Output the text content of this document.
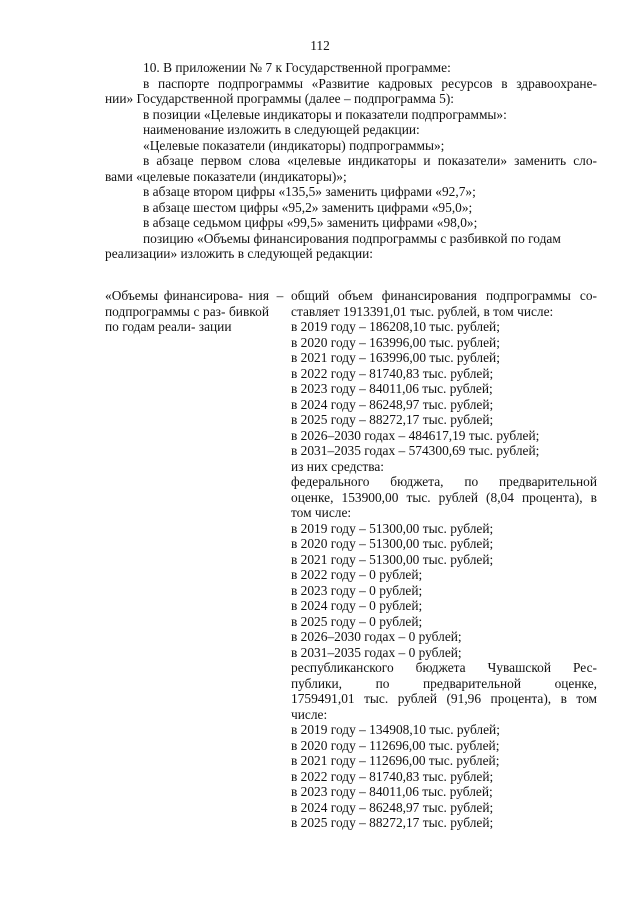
112

10. В приложении № 7 к Государственной программе:

в паспорте подпрограммы «Развитие кадровых ресурсов в здравоохране-

нии» Государственной программы (далее – подпрограмма 5):

в позиции «Целевые индикаторы и показатели подпрограммы»:

наименование изложить в следующей редакции:

«Целевые показатели (индикаторы) подпрограммы»;

в абзаце первом слова «целевые индикаторы и показатели» заменить сло-

вами «целевые показатели (индикаторы)»;

в абзаце втором цифры «135,5» заменить цифрами «92,7»;

в абзаце шестом цифры «95,2» заменить цифрами «95,0»;

в абзаце седьмом цифры «99,5» заменить цифрами «98,0»;

позицию «Объемы финансирования подпрограммы с разбивкой по годам

реализации» изложить в следующей редакции:

«Объемы финансирова- ния подпрограммы с раз- бивкой по годам реали- зации
– общий объем финансирования подпрограммы со-
ставляет 1913391,01 тыс. рублей, в том числе:
в 2019 году – 186208,10 тыс. рублей;
в 2020 году – 163996,00 тыс. рублей;
в 2021 году – 163996,00 тыс. рублей;
в 2022 году – 81740,83 тыс. рублей;
в 2023 году – 84011,06 тыс. рублей;
в 2024 году – 86248,97 тыс. рублей;
в 2025 году – 88272,17 тыс. рублей;
в 2026–2030 годах – 484617,19 тыс. рублей;
в 2031–2035 годах – 574300,69 тыс. рублей;
из них средства:
федерального бюджета, по предварительной
оценке, 153900,00 тыс. рублей (8,04 процента), в
том числе:
в 2019 году – 51300,00 тыс. рублей;
в 2020 году – 51300,00 тыс. рублей;
в 2021 году – 51300,00 тыс. рублей;
в 2022 году – 0 рублей;
в 2023 году – 0 рублей;
в 2024 году – 0 рублей;
в 2025 году – 0 рублей;
в 2026–2030 годах – 0 рублей;
в 2031–2035 годах – 0 рублей;
республиканского бюджета Чувашской Рес-
публики, по предварительной оценке,
1759491,01 тыс. рублей (91,96 процента), в том
числе:
в 2019 году – 134908,10 тыс. рублей;
в 2020 году – 112696,00 тыс. рублей;
в 2021 году – 112696,00 тыс. рублей;
в 2022 году – 81740,83 тыс. рублей;
в 2023 году – 84011,06 тыс. рублей;
в 2024 году – 86248,97 тыс. рублей;
в 2025 году – 88272,17 тыс. рублей;
